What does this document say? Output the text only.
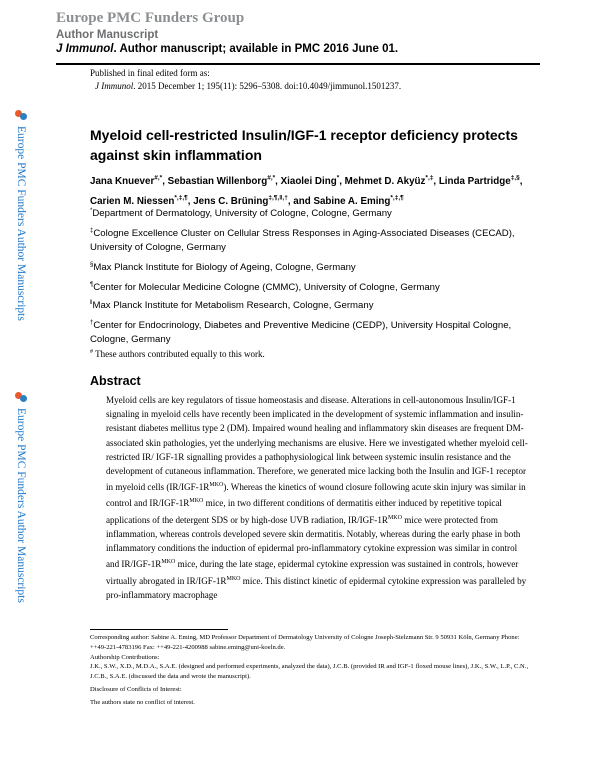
Europe PMC Funders Group
Author Manuscript
J Immunol. Author manuscript; available in PMC 2016 June 01.
Europe PMC Funders Author Manuscripts
Europe PMC Funders Author Manuscripts
Published in final edited form as:
J Immunol. 2015 December 1; 195(11): 5296–5308. doi:10.4049/jimmunol.1501237.
Myeloid cell-restricted Insulin/IGF-1 receptor deficiency protects against skin inflammation
Jana Knuever#,*, Sebastian Willenborg#,*, Xiaolei Ding*, Mehmet D. Akyüz*,‡, Linda Partridge‡,§, Carien M. Niessen*,‡,¶, Jens C. Brüning$^{\ddagger,\P,ǁ,\dagger}$, and Sabine A. Eming*,‡,¶
*Department of Dermatology, University of Cologne, Cologne, Germany
‡Cologne Excellence Cluster on Cellular Stress Responses in Aging-Associated Diseases (CECAD), University of Cologne, Germany
§Max Planck Institute for Biology of Ageing, Cologne, Germany
¶Center for Molecular Medicine Cologne (CMMC), University of Cologne, Germany
$^ǁ$Max Planck Institute for Metabolism Research, Cologne, Germany
†Center for Endocrinology, Diabetes and Preventive Medicine (CEDP), University Hospital Cologne, Cologne, Germany
# These authors contributed equally to this work.
Abstract
Myeloid cells are key regulators of tissue homeostasis and disease. Alterations in cell-autonomous Insulin/IGF-1 signaling in myeloid cells have recently been implicated in the development of systemic inflammation and insulin-resistant diabetes mellitus type 2 (DM). Impaired wound healing and inflammatory skin diseases are frequent DM-associated skin pathologies, yet the underlying mechanisms are elusive. Here we investigated whether myeloid cell-restricted IR/ IGF-1R signalling provides a pathophysiological link between systemic insulin resistance and the development of cutaneous inflammation. Therefore, we generated mice lacking both the Insulin and IGF-1 receptor in myeloid cells $(IR/IGF-1R^{MKO})$. Whereas the kinetics of wound closure following acute skin injury was similar in control and $IR/IGF-1R^{MKO}$ mice, in two different conditions of dermatitis either induced by repetitive topical applications of the detergent SDS or by high-dose UVB radiation, $IR/IGF-1R^{MKO}$ mice were protected from inflammation, whereas controls developed severe skin dermatitis. Notably, whereas during the early phase in both inflammatory conditions the induction of epidermal pro-inflammatory cytokine expression was similar in control and $IR/IGF-1R^{MKO}$ mice, during the late stage, epidermal cytokine expression was sustained in controls, however virtually abrogated in $IR/IGF-1R^{MKO}$ mice. This distinct kinetic of epidermal cytokine expression was paralleled by pro-inflammatory macrophage

Corresponding author: Sabine A. Eming, MD Professor Department of Dermatology University of Cologne Joseph-Stelzmann Str. 9 50931 Köln, Germany Phone: ++49-221-4783196 Fax: ++49-221-4200988 sabine.eming@uni-koeln.de.

Authorship Contributions:

J.K., S.W., X.D., M.D.A., S.A.E. (designed and performed experiments, analyzed the data), J.C.B. (provided IR and IGF-1 floxed mouse lines), J.K., S.W., L.P., C.N., J.C.B., S.A.E. (discussed the data and wrote the manuscript).

Disclosure of Conflicts of Interest:

The authors state no conflict of interest.
